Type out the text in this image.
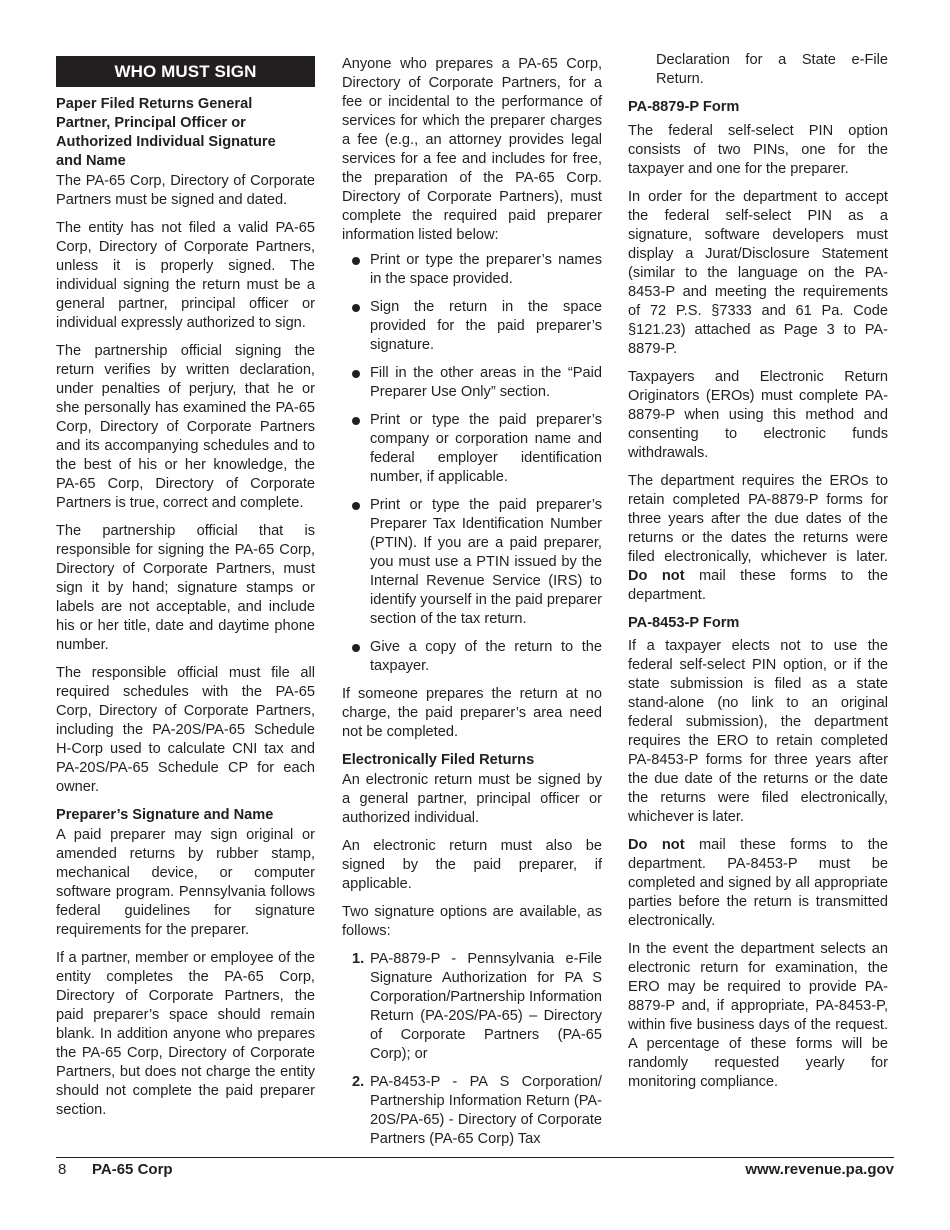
WHO MUST SIGN
Paper Filed Returns General Partner, Principal Officer or Authorized Individual Signature and Name

The PA-65 Corp, Directory of Corporate Partners must be signed and dated.

The entity has not filed a valid PA-65 Corp, Directory of Corporate Partners, unless it is properly signed. The individual signing the return must be a general partner, principal officer or individual expressly authorized to sign.

The partnership official signing the return verifies by written declaration, under penalties of perjury, that he or she personally has examined the PA-65 Corp, Directory of Corporate Partners and its accompanying schedules and to the best of his or her knowledge, the PA-65 Corp, Directory of Corporate Partners is true, correct and complete.

The partnership official that is responsible for signing the PA-65 Corp, Directory of Corporate Partners, must sign it by hand; signature stamps or labels are not acceptable, and include his or her title, date and daytime phone number.

The responsible official must file all required schedules with the PA-65 Corp, Directory of Corporate Partners, including the PA-20S/PA-65 Schedule H-Corp used to calculate CNI tax and PA-20S/PA-65 Schedule CP for each owner.

Preparer’s Signature and Name

A paid preparer may sign original or amended returns by rubber stamp, mechanical device, or computer software program. Pennsylvania follows federal guidelines for signature requirements for the preparer.

If a partner, member or employee of the entity completes the PA-65 Corp, Directory of Corporate Partners, the paid preparer’s space should remain blank. In addition anyone who prepares the PA-65 Corp, Directory of Corporate Partners, but does not charge the entity should not complete the paid preparer section.

Anyone who prepares a PA-65 Corp, Directory of Corporate Partners, for a fee or incidental to the performance of services for which the preparer charges a fee (e.g., an attorney provides legal services for a fee and includes for free, the preparation of the PA-65 Corp. Directory of Corporate Partners), must complete the required paid preparer information listed below:

Print or type the preparer’s names in the space provided.
Sign the return in the space provided for the paid preparer’s signature.
Fill in the other areas in the “Paid Preparer Use Only” section.
Print or type the paid preparer’s company or corporation name and federal employer identification number, if applicable.
Print or type the paid preparer’s Preparer Tax Identification Number (PTIN). If you are a paid preparer, you must use a PTIN issued by the Internal Revenue Service (IRS) to identify yourself in the paid preparer section of the tax return.
Give a copy of the return to the taxpayer.

If someone prepares the return at no charge, the paid preparer’s area need not be completed.

Electronically Filed Returns

An electronic return must be signed by a general partner, principal officer or authorized individual.

An electronic return must also be signed by the paid preparer, if applicable.

Two signature options are available, as follows:

1. PA-8879-P - Pennsylvania e-File Signature Authorization for PA S Corporation/Partnership Information Return (PA-20S/PA-65) – Directory of Corporate Partners (PA-65 Corp); or
2. PA-8453-P - PA S Corporation/ Partnership Information Return (PA-20S/PA-65) - Directory of Corporate Partners (PA-65 Corp) Tax

Declaration for a State e-File Return.

PA-8879-P Form

The federal self-select PIN option consists of two PINs, one for the taxpayer and one for the preparer.

In order for the department to accept the federal self-select PIN as a signature, software developers must display a Jurat/Disclosure Statement (similar to the language on the PA-8453-P and meeting the requirements of 72 P.S. §7333 and 61 Pa. Code §121.23) attached as Page 3 to PA-8879-P.

Taxpayers and Electronic Return Originators (EROs) must complete PA-8879-P when using this method and consenting to electronic funds withdrawals.

The department requires the EROs to retain completed PA-8879-P forms for three years after the due dates of the returns or the dates the returns were filed electronically, whichever is later. Do not mail these forms to the department.

PA-8453-P Form

If a taxpayer elects not to use the federal self-select PIN option, or if the state submission is filed as a state stand-alone (no link to an original federal submission), the department requires the ERO to retain completed PA-8453-P forms for three years after the due date of the returns or the date the returns were filed electronically, whichever is later.

Do not mail these forms to the department. PA-8453-P must be completed and signed by all appropriate parties before the return is transmitted electronically.

In the event the department selects an electronic return for examination, the ERO may be required to provide PA-8879-P and, if appropriate, PA-8453-P, within five business days of the request. A percentage of these forms will be randomly requested yearly for monitoring compliance.

8 PA-65 Corp	www.revenue.pa.gov
